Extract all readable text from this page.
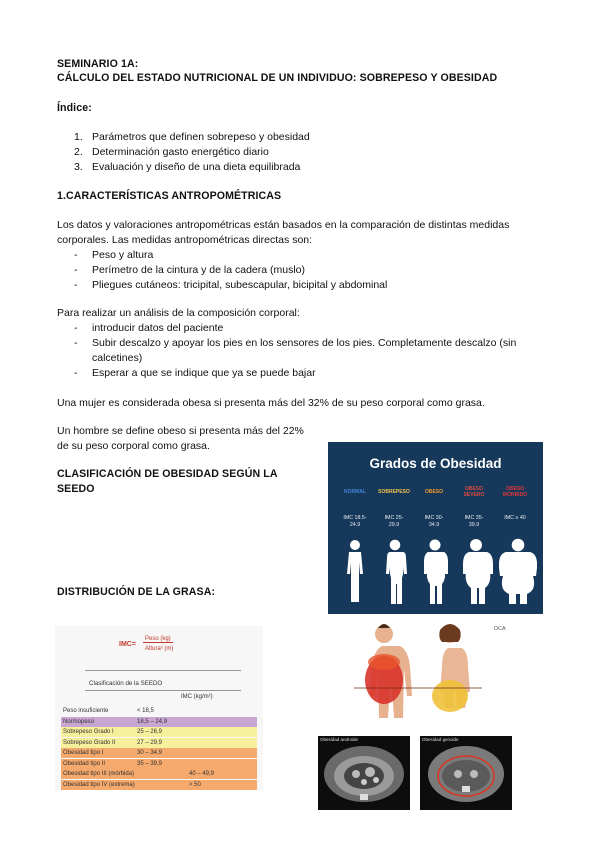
SEMINARIO 1A:
CÁLCULO DEL ESTADO NUTRICIONAL DE UN INDIVIDUO: SOBREPESO Y OBESIDAD
Índice:
1. Parámetros que definen sobrepeso y obesidad
2. Determinación gasto energético diario
3. Evaluación y diseño de una dieta equilibrada
1.CARACTERÍSTICAS ANTROPOMÉTRICAS
Los datos y valoraciones antropométricas están basados en la comparación de distintas medidas
corporales. Las medidas antropométricas directas son:
- Peso y altura
- Perímetro de la cintura y de la cadera (muslo)
- Pliegues cutáneos: tricipital, subescapular, bicipital y abdominal
Para realizar un análisis de la composición corporal:
- introducir datos del paciente
- Subir descalzo y apoyar los pies en los sensores de los pies. Completamente descalzo (sin
calcetines)
- Esperar a que se indique que ya se puede bajar
Una mujer es considerada obesa si presenta más del 32% de su peso corporal como grasa.
Un hombre se define obeso si presenta más del 22%
de su peso corporal como grasa.
CLASIFICACIÓN DE OBESIDAD SEGÚN LA
SEEDO
DISTRIBUCIÓN DE LA GRASA:
Grados de Obesidad
NORMAL	SOBREPESO	OBESO	OBESO
SEVERO
OBESO
MÓRBIDO
IMC 18.5-
24.9
IMC 25-
29.9
IMC 30-
34.9
IMC 35-
39.9
IMC ≥ 40
IMC=
Peso (kg)
Altura² (m)
Clasificación de la SEEDO
IMC (kg/m²)
Peso insuficiente	< 18,5
Normopeso	18,5 – 24,9
Sobrepeso Grado I	25 – 26,9
Sobrepeso Grado II	27 – 29,9
Obesidad tipo I	30 – 34,9
Obesidad tipo II	35 – 39,9
Obesidad tipo III (mórbida)	40 – 49,9
Obesidad tipo IV (extrema)	> 50
DCA
Obesidad androide	Obesidad genoide
